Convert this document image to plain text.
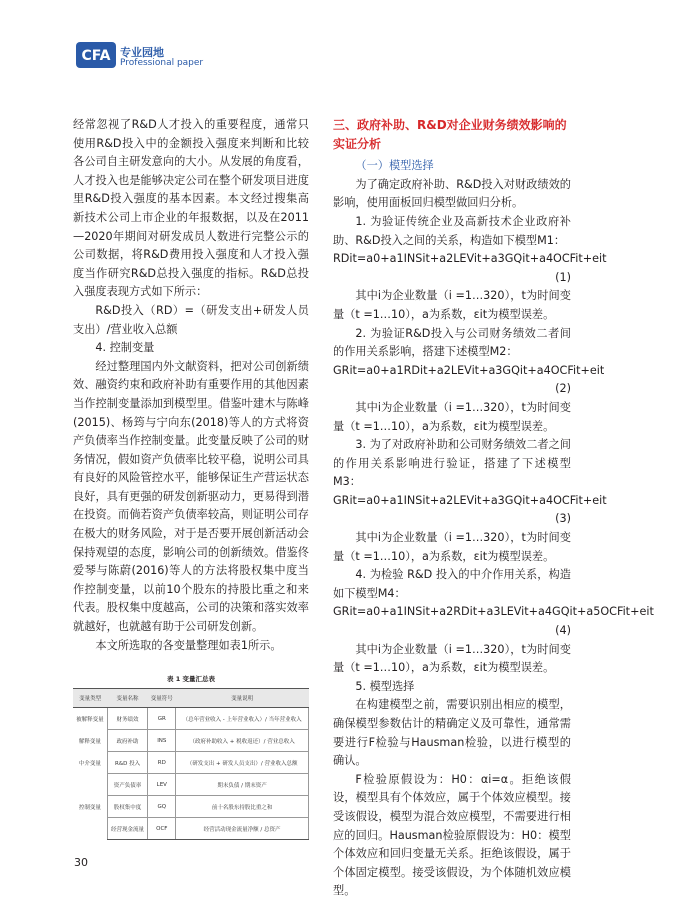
CFA 专业园地
Professional paper

经常忽视了R&D人才投入的重要程度，通常只使用R&D投入中的金额投入强度来判断和比较各公司自主研发意向的大小。从发展的角度看，人才投入也是能够决定公司在整个研发项目进度里R&D投入强度的基本因素。本文经过搜集高新技术公司上市企业的年报数据，以及在2011—2020年期间对研发成员人数进行完整公示的公司数据，将R&D费用投入强度和人才投入强度当作研究R&D总投入强度的指标。R&D总投入强度表现方式如下所示：

R&D投入（RD）=（研发支出+研发人员支出）/营业收入总额

4. 控制变量

经过整理国内外文献资料，把对公司创新绩效、融资约束和政府补助有重要作用的其他因素当作控制变量添加到模型里。借鉴叶建木与陈峰(2015)、杨筠与宁向东(2018)等人的方式将资产负债率当作控制变量。此变量反映了公司的财务情况，假如资产负债率比较平稳，说明公司具有良好的风险管控水平，能够保证生产营运状态良好，具有更强的研发创新驱动力，更易得到潜在投资。而倘若资产负债率较高，则证明公司存在极大的财务风险，对于是否要开展创新活动会保持观望的态度，影响公司的创新绩效。借鉴佟爱琴与陈蔚(2016)等人的方法将股权集中度当作控制变量，以前10个股东的持股比重之和来代表。股权集中度越高，公司的决策和落实效率就越好，也就越有助于公司研发创新。

本文所选取的各变量整理如表1所示。

表 1 变量汇总表
变量类型	变量名称	变量符号	变量说明
被解释变量	财务绩效	GR	（总年营业收入 - 上年营业收入）/ 当年营业收入
解释变量	政府补助	INS	（政府补助收入 + 税收返还）/ 营业总收入
中介变量	R&D 投入	RD	（研发支出 + 研发人员支出）/ 营业收入总额
控制变量	资产负债率	LEV	期末负债 / 期末资产
	股权集中度	GQ	前十名股东持股比重之和
	经营现金流量	OCF	经营活动现金流量净额 / 总资产

三、政府补助、R&D对企业财务绩效影响的实证分析

（一）模型选择

为了确定政府补助、R&D投入对财政绩效的影响，使用面板回归模型做回归分析。

1. 为验证传统企业及高新技术企业政府补助、R&D投入之间的关系，构造如下模型M1：

RDit=a0+a1INSit+a2LEVit+a3GQit+a4OCFit+eit

(1)

其中i为企业数量（i =1…320），t为时间变量（t =1…10），a为系数，εit为模型误差。

2. 为验证R&D投入与公司财务绩效二者间的作用关系影响，搭建下述模型M2：

GRit=a0+a1RDit+a2LEVit+a3GQit+a4OCFit+eit

(2)

其中i为企业数量（i =1…320），t为时间变量（t =1…10），a为系数，εit为模型误差。

3. 为了对政府补助和公司财务绩效二者之间的作用关系影响进行验证，搭建了下述模型 M3：

GRit=a0+a1INSit+a2LEVit+a3GQit+a4OCFit+eit

(3)

其中i为企业数量（i =1…320），t为时间变量（t =1…10），a为系数，εit为模型误差。

4. 为检验 R&D 投入的中介作用关系，构造如下模型M4：

GRit=a0+a1INSit+a2RDit+a3LEVit+a4GQit+a5OCFit+eit

(4)

其中i为企业数量（i =1…320），t为时间变量（t =1…10），a为系数，εit为模型误差。

5. 模型选择

在构建模型之前，需要识别出相应的模型，确保模型参数估计的精确定义及可靠性，通常需要进行F检验与Hausman检验，以进行模型的确认。

F检验原假设为：H0：αi=α。拒绝该假设，模型具有个体效应，属于个体效应模型。接受该假设，模型为混合效应模型，不需要进行相应的回归。Hausman检验原假设为：H0：模型个体效应和回归变量无关系。拒绝该假设，属于个体固定模型。接受该假设，为个体随机效应模型。

30
